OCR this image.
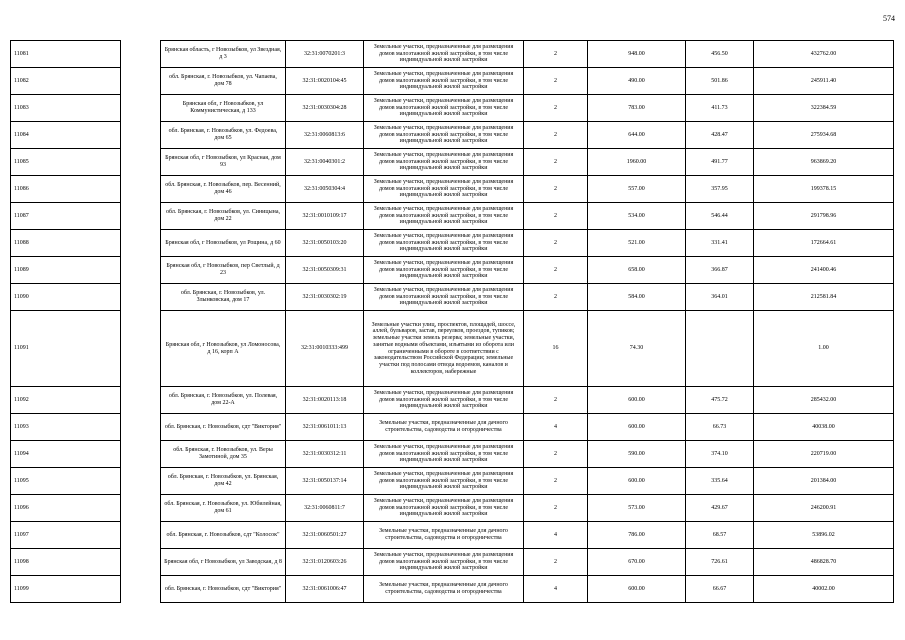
574
11081		Брянская область, г Новозыбков, ул Звездная, д 3	32:31:0070201:3	Земельные участки, предназначенные для размещения домов малоэтажной жилой застройки, в том числе индивидуальной жилой застройки	2	948.00	456.50	432762.00
11082		обл. Брянская, г. Новозыбков, ул. Чапаева, дом 78	32:31:0020104:45	Земельные участки, предназначенные для размещения домов малоэтажной жилой застройки, в том числе индивидуальной жилой застройки	2	490.00	501.86	245911.40
11083		Брянская обл, г Новозыбков, ул Коммунистическая, д 133	32:31:0030304:28	Земельные участки, предназначенные для размещения домов малоэтажной жилой застройки, в том числе индивидуальной жилой застройки	2	783.00	411.73	322384.59
11084		обл. Брянская, г. Новозыбков, ул. Федоева, дом 65	32:31:0060813:6	Земельные участки, предназначенные для размещения домов малоэтажной жилой застройки, в том числе индивидуальной жилой застройки	2	644.00	428.47	275934.68
11085		Брянская обл, г Новозыбков, ул Красная, дом 93	32:31:0040301:2	Земельные участки, предназначенные для размещения домов малоэтажной жилой застройки, в том числе индивидуальной жилой застройки	2	1960.00	491.77	963869.20
11086		обл. Брянская, г. Новозыбков, пер. Весенний, дом 46	32:31:0050304:4	Земельные участки, предназначенные для размещения домов малоэтажной жилой застройки, в том числе индивидуальной жилой застройки	2	557.00	357.95	199378.15
11087		обл. Брянская, г. Новозыбков, ул. Синицына, дом 22	32:31:0010109:17	Земельные участки, предназначенные для размещения домов малоэтажной жилой застройки, в том числе индивидуальной жилой застройки	2	534.00	546.44	291798.96
11088		Брянская обл, г Новозыбков, ул Рощина, д 60	32:31:0050103:20	Земельные участки, предназначенные для размещения домов малоэтажной жилой застройки, в том числе индивидуальной жилой застройки	2	521.00	331.41	172664.61
11089		Брянская обл, г Новозыбков, пер Светлый, д 23	32:31:0050309:31	Земельные участки, предназначенные для размещения домов малоэтажной жилой застройки, в том числе индивидуальной жилой застройки	2	658.00	366.87	241400.46
11090		обл. Брянская, г. Новозыбков, ул. Злынковская, дом 17	32:31:0030302:19	Земельные участки, предназначенные для размещения домов малоэтажной жилой застройки, в том числе индивидуальной жилой застройки	2	584.00	364.01	212581.84
11091		Брянская обл, г Новозыбков, ул Ломоносова, д 16, корп А	32:31:0010333:499	Земельные участки улиц, проспектов, площадей, шоссе, аллей, бульваров, застав, переулков, проездов, тупиков; земельные участки земель резерва; земельные участки, занятые водными объектами, изъятыми из оборота или ограниченными в обороте в соответствии с законодательством Российской Федерации; земельные участки под полосами отвода водоемов, каналов и коллекторов, набережные	16	74.30		1.00
11092		обл. Брянская, г. Новозыбков, ул. Полевая, дом 22-А	32:31:0020113:18	Земельные участки, предназначенные для размещения домов малоэтажной жилой застройки, в том числе индивидуальной жилой застройки	2	600.00	475.72	285432.00
11093		обл. Брянская, г. Новозыбков, сдт "Виктория"	32:31:0061011:13	Земельные участки, предназначенные для дачного строительства, садоводства и огородничества	4	600.00	66.73	40038.00
11094		обл. Брянская, г. Новозыбков, ул. Веры Замотиной, дом 35	32:31:0030312:11	Земельные участки, предназначенные для размещения домов малоэтажной жилой застройки, в том числе индивидуальной жилой застройки	2	590.00	374.10	220719.00
11095		обл. Брянская, г. Новозыбков, ул. Брянская, дом 42	32:31:0050137:14	Земельные участки, предназначенные для размещения домов малоэтажной жилой застройки, в том числе индивидуальной жилой застройки	2	600.00	335.64	201384.00
11096		обл. Брянская, г. Новозыбков, ул. Юбилейная, дом 61	32:31:0060811:7	Земельные участки, предназначенные для размещения домов малоэтажной жилой застройки, в том числе индивидуальной жилой застройки	2	573.00	429.67	246200.91
11097		обл. Брянская, г. Новозыбков, сдт "Колосок"	32:31:0060501:27	Земельные участки, предназначенные для дачного строительства, садоводства и огородничества	4	786.00	68.57	53896.02
11098		Брянская обл, г Новозыбков, ул Заводская, д 8	32:31:0120603:26	Земельные участки, предназначенные для размещения домов малоэтажной жилой застройки, в том числе индивидуальной жилой застройки	2	670.00	726.61	486828.70
11099		обл. Брянская, г. Новозыбков, сдт "Виктория"	32:31:0061006:47	Земельные участки, предназначенные для дачного строительства, садоводства и огородничества	4	600.00	66.67	40002.00
